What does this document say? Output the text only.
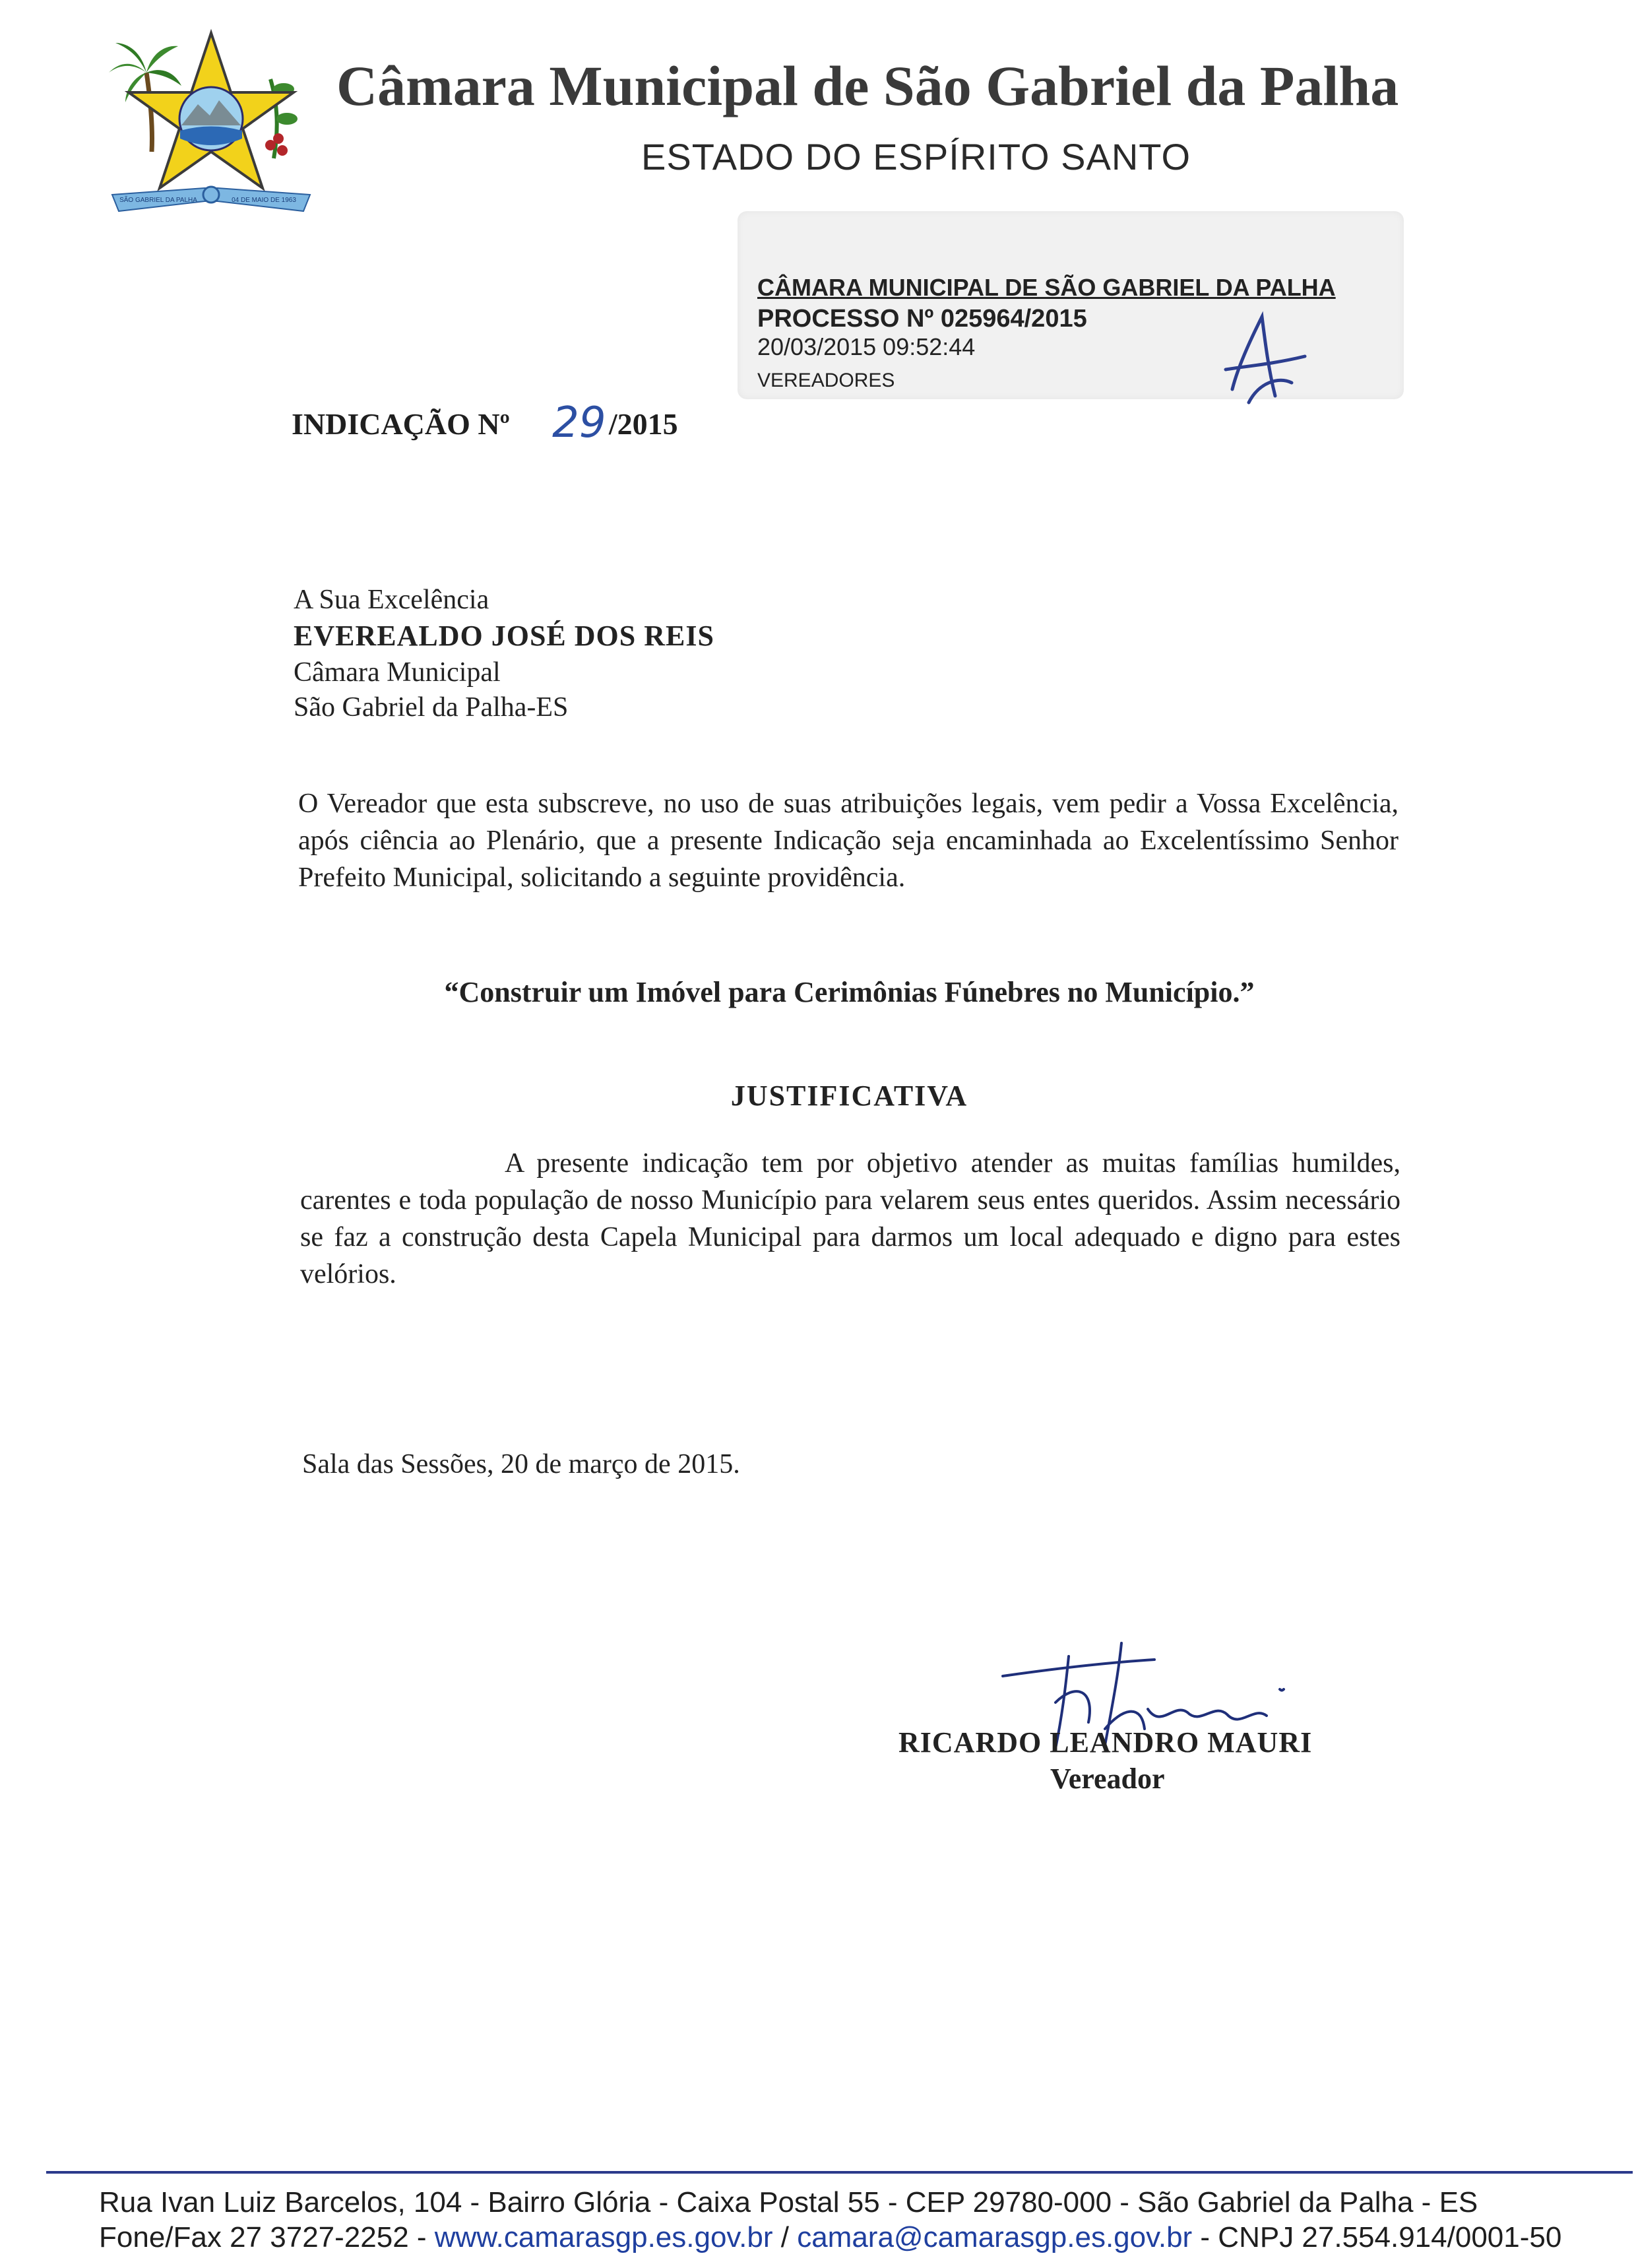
SÃO GABRIEL DA PALHA	04 DE MAIO DE 1963
Câmara Municipal de São Gabriel da Palha
ESTADO DO ESPÍRITO SANTO
CÂMARA MUNICIPAL DE SÃO GABRIEL DA PALHA
PROCESSO Nº 025964/2015
20/03/2015 09:52:44
VEREADORES
INDICAÇÃO Nº 29/2015
A Sua Excelência
EVEREALDO JOSÉ DOS REIS
Câmara Municipal
São Gabriel da Palha-ES
O Vereador que esta subscreve, no uso de suas atribuições legais, vem pedir a Vossa Excelência, após ciência ao Plenário, que a presente Indicação seja encaminhada ao Excelentíssimo Senhor Prefeito Municipal, solicitando a seguinte providência.
“Construir um Imóvel para Cerimônias Fúnebres no Município.”
JUSTIFICATIVA
A presente indicação tem por objetivo atender as muitas famílias humildes, carentes e toda população de nosso Município para velarem seus entes queridos. Assim necessário se faz a construção desta Capela Municipal para darmos um local adequado e digno para estes velórios.
Sala das Sessões, 20 de março de 2015.
RICARDO LEANDRO MAURI
Vereador
Rua Ivan Luiz Barcelos, 104 - Bairro Glória - Caixa Postal 55 - CEP 29780-000 - São Gabriel da Palha - ES
Fone/Fax 27 3727-2252 - www.camarasgp.es.gov.br / camara@camarasgp.es.gov.br - CNPJ 27.554.914/0001-50
